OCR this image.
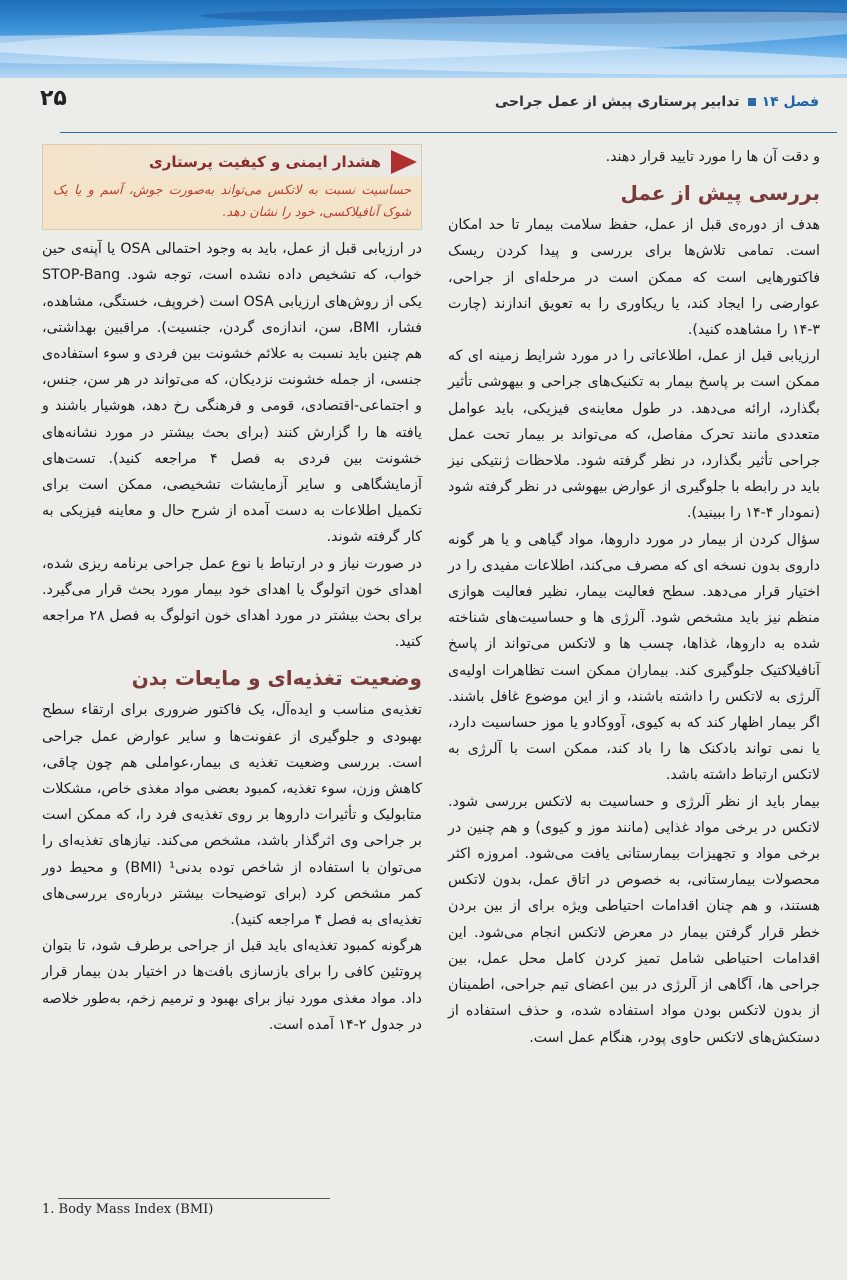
۲۵	فصل ۱۴تدابیر پرستاری پیش از عمل جراحی

و دقت آن ها را مورد تایید قرار دهند.

بررسی پیش از عمل

هدف از دوره‌ی قبل از عمل، حفظ سلامت بیمار تا حد امکان است. تمامی تلاش‌ها برای بررسی و پیدا کردن ریسک فاکتورهایی است که ممکن است در مرحله‌ای از جراحی، عوارضی را ایجاد کند، یا ریکاوری را به تعویق اندازند (چارت ۳-۱۴ را مشاهده کنید).

ارزیابی قبل از عمل، اطلاعاتی را در مورد شرایط زمینه ای که ممکن است بر پاسخ بیمار به تکنیک‌های جراحی و بیهوشی تأثیر بگذارد، ارائه می‌دهد. در طول معاینه‌ی فیزیکی، باید عوامل متعددی مانند تحرک مفاصل، که می‌تواند بر بیمار تحت عمل جراحی تأثیر بگذارد، در نظر گرفته شود. ملاحظات ژنتیکی نیز باید در رابطه با جلوگیری از عوارض بیهوشی در نظر گرفته شود (نمودار ۴-۱۴ را ببینید).

سؤال کردن از بیمار در مورد داروها، مواد گیاهی و یا هر گونه داروی بدون نسخه ای که مصرف می‌کند، اطلاعات مفیدی را در اختیار قرار می‌دهد. سطح فعالیت بیمار، نظیر فعالیت هوازی منظم نیز باید مشخص شود. آلرژی ها و حساسیت‌های شناخته شده به داروها، غذاها، چسب ها و لاتکس می‌تواند از پاسخ آنافیلاکتیک جلوگیری کند. بیماران ممکن است تظاهرات اولیه‌ی آلرژی به لاتکس را داشته باشند، و از این موضوع غافل باشند. اگر بیمار اظهار کند که به کیوی، آووکادو یا موز حساسیت دارد، یا نمی تواند بادکنک ها را باد کند، ممکن است با آلرژی به لاتکس ارتباط داشته باشد.

بیمار باید از نظر آلرژی و حساسیت به لاتکس بررسی شود. لاتکس در برخی مواد غذایی (مانند موز و کیوی) و هم چنین در برخی مواد و تجهیزات بیمارستانی یافت می‌شود. امروزه اکثر محصولات بیمارستانی، به خصوص در اتاق عمل، بدون لاتکس هستند، و هم چنان اقدامات احتیاطی ویژه برای از بین بردن خطر قرار گرفتن بیمار در معرض لاتکس انجام می‌شود. این اقدامات احتیاطی شامل تمیز کردن کامل محل عمل، بین جراحی ها، آگاهی از آلرژی در بین اعضای تیم جراحی، اطمینان از بدون لاتکس بودن مواد استفاده شده، و حذف استفاده از دستکش‌های لاتکس حاوی پودر، هنگام عمل است.

هشدار ایمنی و کیفیت پرستاری
حساسیت نسبت به لاتکس می‌تواند به‌صورت جوش، آسم و یا یک شوک آنافیلاکسی، خود را نشان دهد.

در ارزیابی قبل از عمل، باید به وجود احتمالی OSA یا آپنه‌ی حین خواب، که تشخیص داده نشده است، توجه شود. STOP-Bang یکی از روش‌های ارزیابی OSA است (خروپف، خستگی، مشاهده، فشار، BMI، سن، اندازه‌ی گردن، جنسیت). مراقبین بهداشتی، هم چنین باید نسبت به علائم خشونت بین فردی و سوء استفاده‌ی جنسی، از جمله خشونت نزدیکان، که می‌تواند در هر سن، جنس، و اجتماعی-اقتصادی، قومی و فرهنگی رخ دهد، هوشیار باشند و یافته ها را گزارش کنند (برای بحث بیشتر در مورد نشانه‌های خشونت بین فردی به فصل ۴ مراجعه کنید). تست‌های آزمایشگاهی و سایر آزمایشات تشخیصی، ممکن است برای تکمیل اطلاعات به دست آمده از شرح حال و معاینه فیزیکی به کار گرفته شوند.

در صورت نیاز و در ارتباط با نوع عمل جراحی برنامه ریزی شده، اهدای خون اتولوگ یا اهدای خود بیمار مورد بحث قرار می‌گیرد. برای بحث بیشتر در مورد اهدای خون اتولوگ به فصل ۲۸ مراجعه کنید.

وضعیت تغذیه‌ای و مایعات بدن

تغذیه‌ی مناسب و ایده‌آل، یک فاکتور ضروری برای ارتقاء سطح بهبودی و جلوگیری از عفونت‌ها و سایر عوارض عمل جراحی است. بررسی وضعیت تغذیه ی بیمار،عواملی هم چون چاقی، کاهش وزن، سوء تغذیه، کمبود بعضی مواد مغذی خاص، مشکلات متابولیک و تأثیرات داروها بر روی تغذیه‌ی فرد را، که ممکن است بر جراحی وی اثرگذار باشد، مشخص می‌کند. نیازهای تغذیه‌ای را می‌توان با استفاده از شاخص توده بدنی¹ (BMI) و محیط دور کمر مشخص کرد (برای توضیحات بیشتر درباره‌ی بررسی‌های تغذیه‌ای به فصل ۴ مراجعه کنید).

هرگونه کمبود تغذیه‌ای باید قبل از جراحی برطرف شود، تا بتوان پروتئین کافی را برای بازسازی بافت‌ها در اختیار بدن بیمار قرار داد. مواد مغذی مورد نیاز برای بهبود و ترمیم زخم، به‌طور خلاصه در جدول ۲-۱۴ آمده است.

1. Body Mass Index (BMI)
